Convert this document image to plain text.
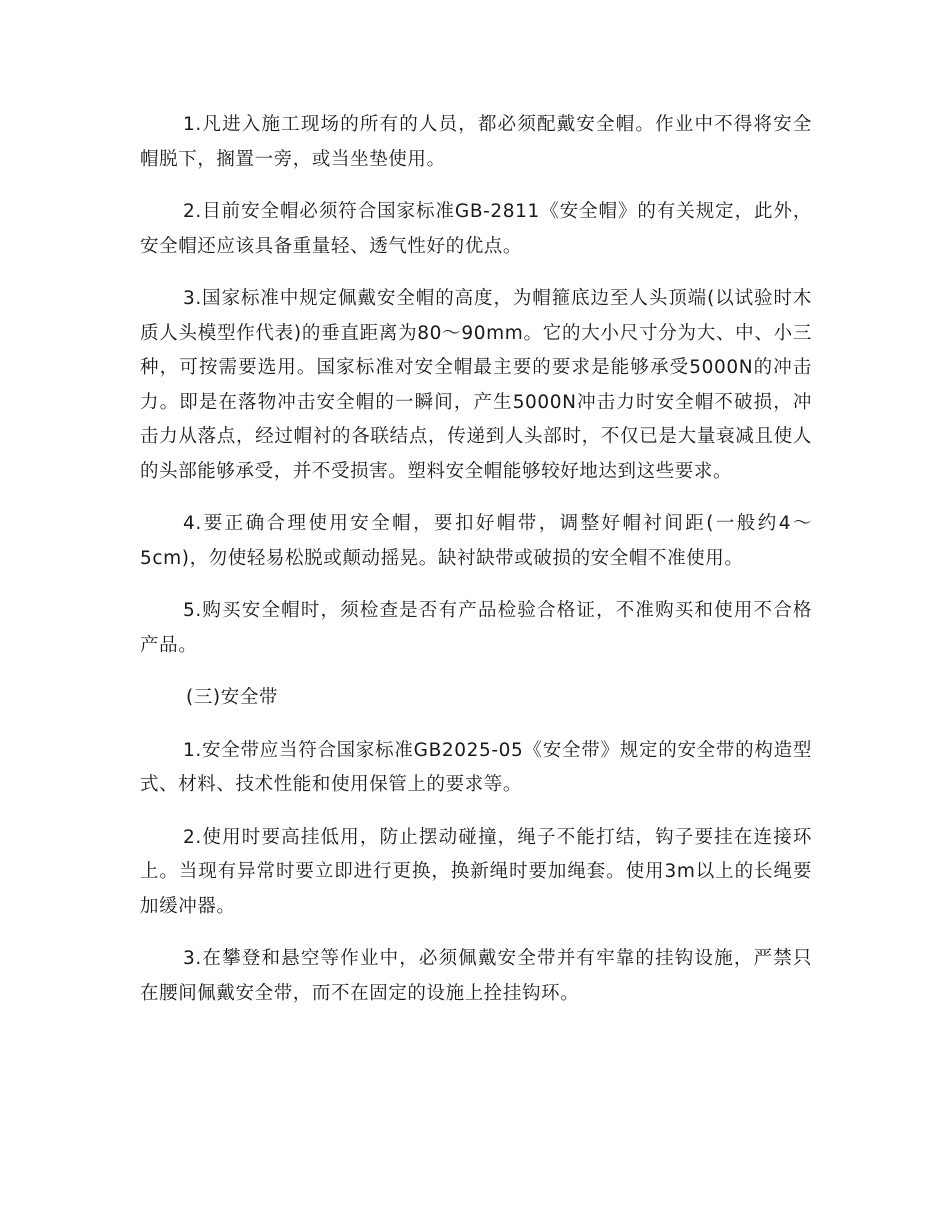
1.凡进入施工现场的所有的人员，都必须配戴安全帽。作业中不得将安全帽脱下，搁置一旁，或当坐垫使用。

2.目前安全帽必须符合国家标准GB-2811《安全帽》的有关规定，此外，安全帽还应该具备重量轻、透气性好的优点。

3.国家标准中规定佩戴安全帽的高度，为帽箍底边至人头顶端(以试验时木质人头模型作代表)的垂直距离为80～90mm。它的大小尺寸分为大、中、小三种，可按需要选用。国家标准对安全帽最主要的要求是能够承受5000N的冲击力。即是在落物冲击安全帽的一瞬间，产生5000N冲击力时安全帽不破损，冲击力从落点，经过帽衬的各联结点，传递到人头部时，不仅已是大量衰减且使人的头部能够承受，并不受损害。塑料安全帽能够较好地达到这些要求。

4.要正确合理使用安全帽，要扣好帽带，调整好帽衬间距(一般约4～5cm)，勿使轻易松脱或颠动摇晃。缺衬缺带或破损的安全帽不准使用。

5.购买安全帽时，须检查是否有产品检验合格证，不准购买和使用不合格产品。

(三)安全带

1.安全带应当符合国家标准GB2025-05《安全带》规定的安全带的构造型式、材料、技术性能和使用保管上的要求等。

2.使用时要高挂低用，防止摆动碰撞，绳子不能打结，钩子要挂在连接环上。当现有异常时要立即进行更换，换新绳时要加绳套。使用3m以上的长绳要加缓冲器。

3.在攀登和悬空等作业中，必须佩戴安全带并有牢靠的挂钩设施，严禁只在腰间佩戴安全带，而不在固定的设施上拴挂钩环。
